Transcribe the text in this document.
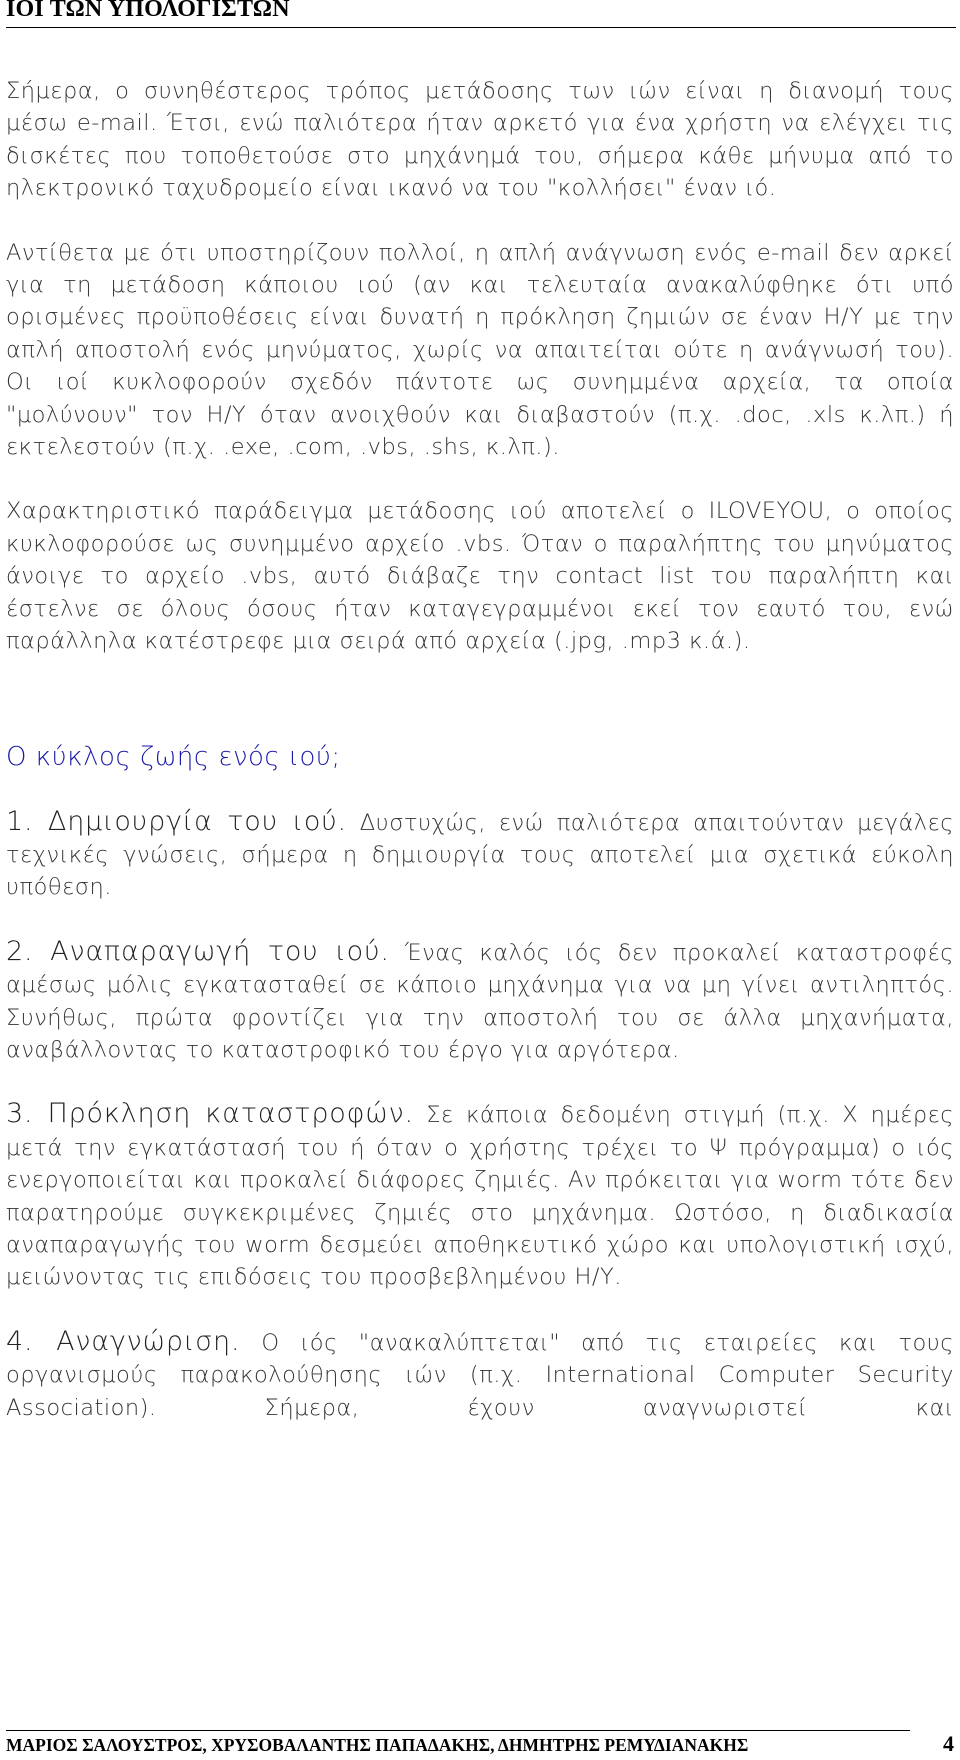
ΙΟΙ ΤΩΝ ΥΠΟΛΟΓΙΣΤΩΝ

Σήμερα, ο συνηθέστερος τρόπος μετάδοσης των ιών είναι η διανομή τους μέσω e-mail. Έτσι, ενώ παλιότερα ήταν αρκετό για ένα χρήστη να ελέγχει τις δισκέτες που τοποθετούσε στο μηχάνημά του, σήμερα κάθε μήνυμα από το ηλεκτρονικό ταχυδρομείο είναι ικανό να του "κολλήσει" έναν ιό.

Αντίθετα με ότι υποστηρίζουν πολλοί, η απλή ανάγνωση ενός e-mail δεν αρκεί για τη μετάδοση κάποιου ιού (αν και τελευταία ανακαλύφθηκε ότι υπό ορισμένες προϋποθέσεις είναι δυνατή η πρόκληση ζημιών σε έναν Η/Υ με την απλή αποστολή ενός μηνύματος, χωρίς να απαιτείται ούτε η ανάγνωσή του). Οι ιοί κυκλοφορούν σχεδόν πάντοτε ως συνημμένα αρχεία, τα οποία "μολύνουν" τον Η/Υ όταν ανοιχθούν και διαβαστούν (π.χ. .doc, .xls κ.λπ.) ή εκτελεστούν (π.χ. .exe, .com, .vbs, .shs, κ.λπ.).

Χαρακτηριστικό παράδειγμα μετάδοσης ιού αποτελεί ο ILOVEYOU, ο οποίος κυκλοφορούσε ως συνημμένο αρχείο .vbs. Όταν ο παραλήπτης του μηνύματος άνοιγε το αρχείο .vbs, αυτό διάβαζε την contact list του παραλήπτη και έστελνε σε όλους όσους ήταν καταγεγραμμένοι εκεί τον εαυτό του, ενώ παράλληλα κατέστρεφε μια σειρά από αρχεία (.jpg, .mp3 κ.ά.).

Ο κύκλος ζωής ενός ιού;

1. Δημιουργία του ιού. Δυστυχώς, ενώ παλιότερα απαιτούνταν μεγάλες τεχνικές γνώσεις, σήμερα η δημιουργία τους αποτελεί μια σχετικά εύκολη υπόθεση.

2. Αναπαραγωγή του ιού. Ένας καλός ιός δεν προκαλεί καταστροφές αμέσως μόλις εγκατασταθεί σε κάποιο μηχάνημα για να μη γίνει αντιληπτός. Συνήθως, πρώτα φροντίζει για την αποστολή του σε άλλα μηχανήματα, αναβάλλοντας το καταστροφικό του έργο για αργότερα.

3. Πρόκληση καταστροφών. Σε κάποια δεδομένη στιγμή (π.χ. Χ ημέρες μετά την εγκατάστασή του ή όταν ο χρήστης τρέχει το Ψ πρόγραμμα) ο ιός ενεργοποιείται και προκαλεί διάφορες ζημιές. Αν πρόκειται για worm τότε δεν παρατηρούμε συγκεκριμένες ζημιές στο μηχάνημα. Ωστόσο, η διαδικασία αναπαραγωγής του worm δεσμεύει αποθηκευτικό χώρο και υπολογιστική ισχύ, μειώνοντας τις επιδόσεις του προσβεβλημένου Η/Υ.

4. Αναγνώριση. Ο ιός "ανακαλύπτεται" από τις εταιρείες και τους οργανισμούς παρακολούθησης ιών (π.χ. International Computer Security Association). Σήμερα, έχουν αναγνωριστεί και

ΜΑΡΙΟΣ ΣΑΛΟΥΣΤΡΟΣ, ΧΡΥΣΟΒΑΛΑΝΤΗΣ ΠΑΠΑΔΑΚΗΣ, ΔΗΜΗΤΡΗΣ ΡΕΜΥΔΙΑΝΑΚΗΣ	4
